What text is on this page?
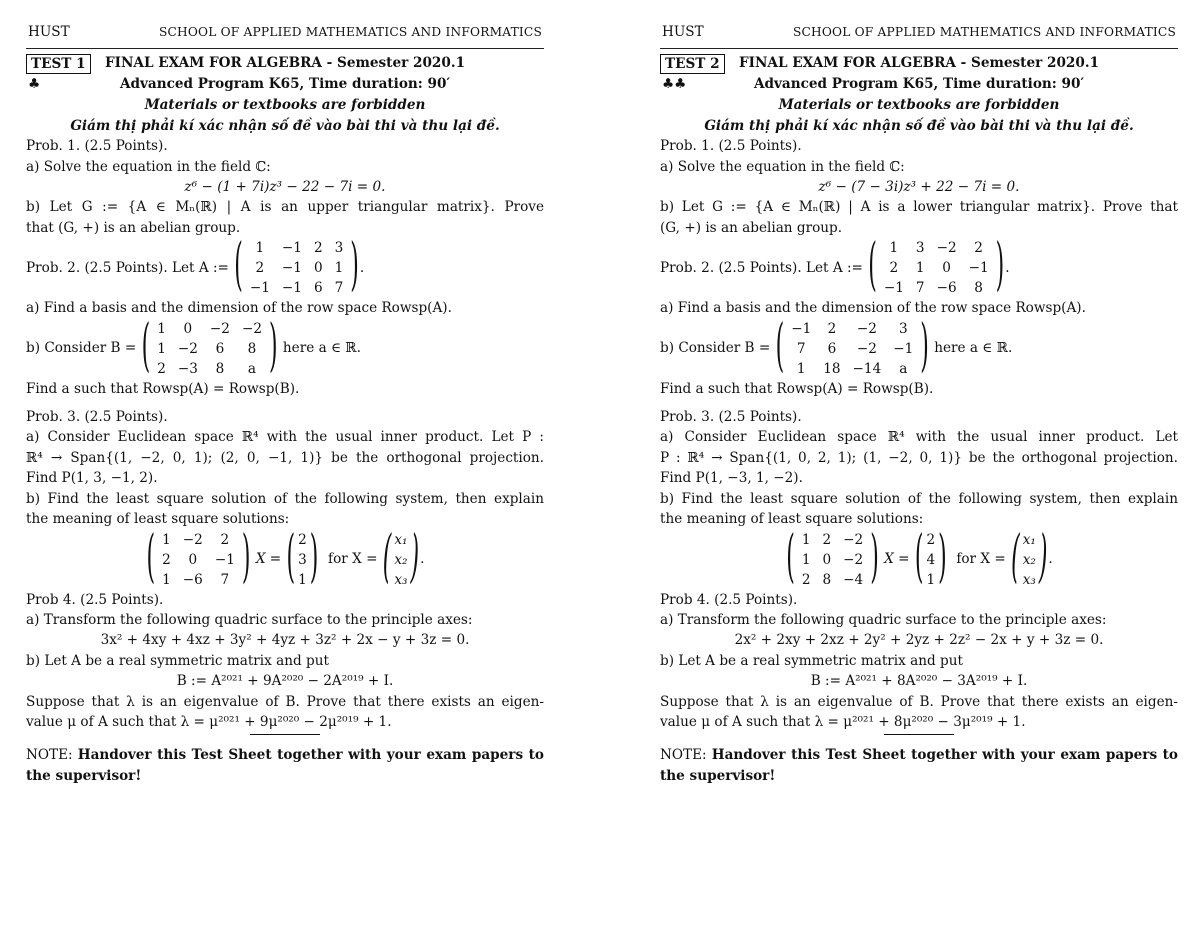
HUST	SCHOOL OF APPLIED MATHEMATICS AND INFORMATICS
TEST 1	FINAL EXAM FOR ALGEBRA - Semester 2020.1
♣	Advanced Program K65, Time duration: 90′
Materials or textbooks are forbidden
Giám thị phải kí xác nhận số đề vào bài thi và thu lại đề.
Prob. 1. (2.5 Points).
a) Solve the equation in the field ℂ:
z⁶ − (1 + 7i)z³ − 22 − 7i = 0.
b) Let G := {A ∈ Mₙ(ℝ) | A is an upper triangular matrix}. Prove
that (G, +) is an abelian group.
Prob. 2. (2.5 Points). Let A :=
( 1	−1	2	3
2	−1	0	1
−1	−1	6	7 ) .
a) Find a basis and the dimension of the row space Rowsp(A).
b) Consider B =
( 1	0	−2	−2
1	−2	6	8
2	−3	8	a )
here a ∈ ℝ.
Find a such that Rowsp(A) = Rowsp(B).
Prob. 3. (2.5 Points).
a) Consider Euclidean space ℝ⁴ with the usual inner product. Let P :
ℝ⁴ → Span{(1, −2, 0, 1); (2, 0, −1, 1)} be the orthogonal projection.
Find P(1, 3, −1, 2).
b) Find the least square solution of the following system, then explain
the meaning of least square solutions:
( 1	−2	2
2	0	−1
1	−6	7 )
X =
( 2
3
1 )
for X =
( x₁
x₂
x₃ ) .
Prob 4. (2.5 Points).
a) Transform the following quadric surface to the principle axes:
3x² + 4xy + 4xz + 3y² + 4yz + 3z² + 2x − y + 3z = 0.
b) Let A be a real symmetric matrix and put
B := A²⁰²¹ + 9A²⁰²⁰ − 2A²⁰¹⁹ + I.
Suppose that λ is an eigenvalue of B. Prove that there exists an eigen-
value μ of A such that λ = μ²⁰²¹ + 9μ²⁰²⁰ − 2μ²⁰¹⁹ + 1.
NOTE: Handover this Test Sheet together with your exam papers to
the supervisor!
HUST	SCHOOL OF APPLIED MATHEMATICS AND INFORMATICS
TEST 2	FINAL EXAM FOR ALGEBRA - Semester 2020.1
♣♣	Advanced Program K65, Time duration: 90′
Materials or textbooks are forbidden
Giám thị phải kí xác nhận số đề vào bài thi và thu lại đề.
Prob. 1. (2.5 Points).
a) Solve the equation in the field ℂ:
z⁶ − (7 − 3i)z³ + 22 − 7i = 0.
b) Let G := {A ∈ Mₙ(ℝ) | A is a lower triangular matrix}. Prove that
(G, +) is an abelian group.
Prob. 2. (2.5 Points). Let A :=
( 1	3	−2	2
2	1	0	−1
−1	7	−6	8 ) .
a) Find a basis and the dimension of the row space Rowsp(A).
b) Consider B =
( −1	2	−2	3
7	6	−2	−1
1	18	−14	a )
here a ∈ ℝ.
Find a such that Rowsp(A) = Rowsp(B).
Prob. 3. (2.5 Points).
a) Consider Euclidean space ℝ⁴ with the usual inner product. Let
P : ℝ⁴ → Span{(1, 0, 2, 1); (1, −2, 0, 1)} be the orthogonal projection.
Find P(1, −3, 1, −2).
b) Find the least square solution of the following system, then explain
the meaning of least square solutions:
( 1	2	−2
1	0	−2
2	8	−4 )
X =
( 2
4
1 )
for X =
( x₁
x₂
x₃ ) .
Prob 4. (2.5 Points).
a) Transform the following quadric surface to the principle axes:
2x² + 2xy + 2xz + 2y² + 2yz + 2z² − 2x + y + 3z = 0.
b) Let A be a real symmetric matrix and put
B := A²⁰²¹ + 8A²⁰²⁰ − 3A²⁰¹⁹ + I.
Suppose that λ is an eigenvalue of B. Prove that there exists an eigen-
value μ of A such that λ = μ²⁰²¹ + 8μ²⁰²⁰ − 3μ²⁰¹⁹ + 1.
NOTE: Handover this Test Sheet together with your exam papers to
the supervisor!
